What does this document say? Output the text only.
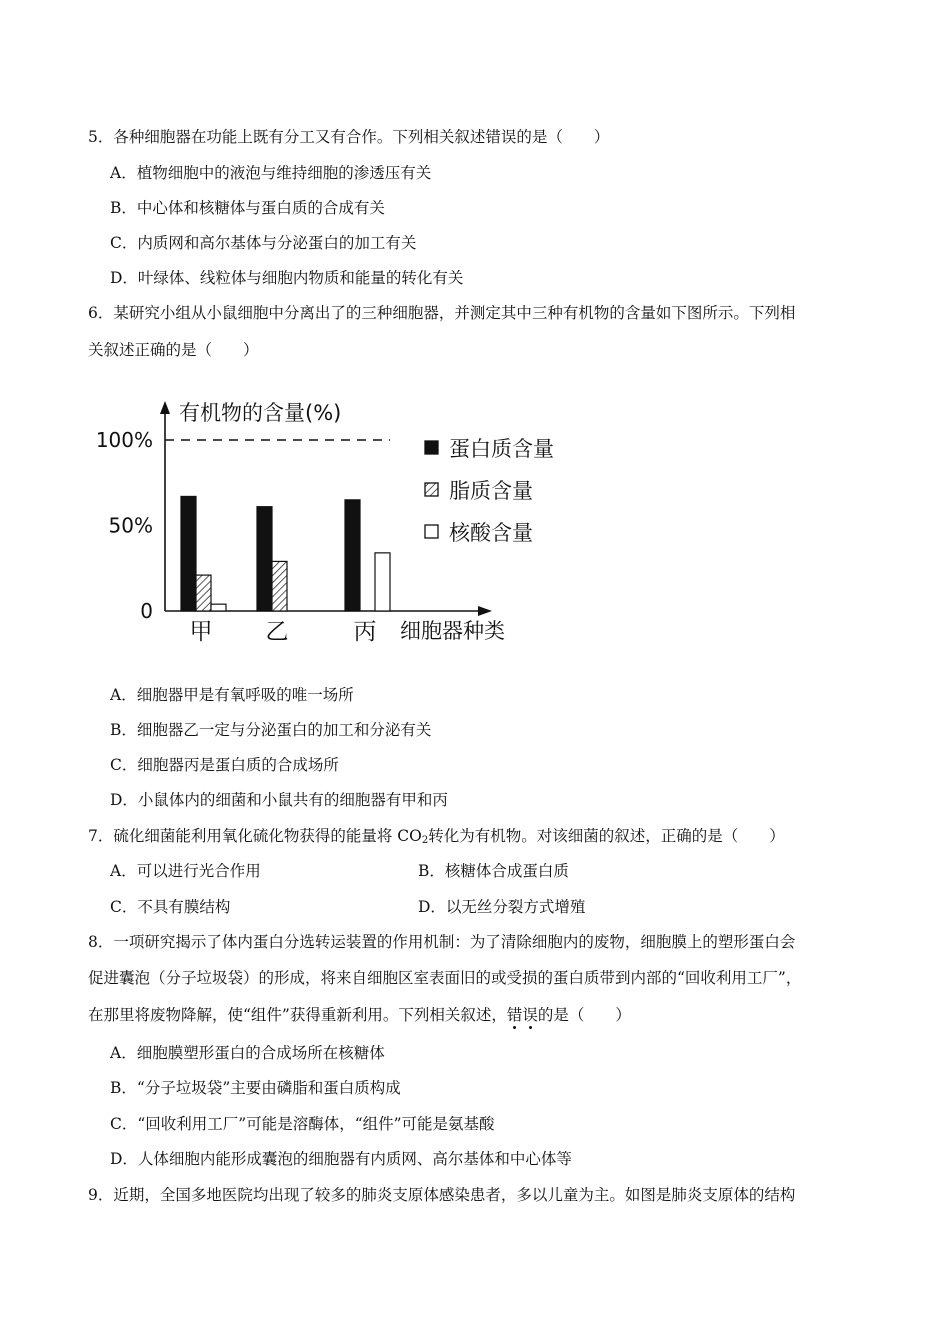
5．各种细胞器在功能上既有分工又有合作。下列相关叙述错误的是（　　）
A．植物细胞中的液泡与维持细胞的渗透压有关
B．中心体和核糖体与蛋白质的合成有关
C．内质网和高尔基体与分泌蛋白的加工有关
D．叶绿体、线粒体与细胞内物质和能量的转化有关
6．某研究小组从小鼠细胞中分离出了的三种细胞器，并测定其中三种有机物的含量如下图所示。下列相
关叙述正确的是（　　）
0
50%
100%
有机物的含量(%)
甲 乙	丙 细胞器种类
蛋白质含量
脂质含量
核酸含量
A．细胞器甲是有氧呼吸的唯一场所
B．细胞器乙一定与分泌蛋白的加工和分泌有关
C．细胞器丙是蛋白质的合成场所
D．小鼠体内的细菌和小鼠共有的细胞器有甲和丙
7．硫化细菌能利用氧化硫化物获得的能量将 $CO_2$转化为有机物。对该细菌的叙述，正确的是（　　）
A．可以进行光合作用	B．核糖体合成蛋白质
C．不具有膜结构	D．以无丝分裂方式增殖
8．一项研究揭示了体内蛋白分选转运装置的作用机制：为了清除细胞内的废物，细胞膜上的塑形蛋白会
促进囊泡（分子垃圾袋）的形成，将来自细胞区室表面旧的或受损的蛋白质带到内部的“回收利用工厂”，
在那里将废物降解，使“组件”获得重新利用。下列相关叙述，错误
的是（　　）
A．细胞膜塑形蛋白的合成场所在核糖体
B．“分子垃圾袋”主要由磷脂和蛋白质构成
C．“回收利用工厂”可能是溶酶体，“组件”可能是氨基酸
D．人体细胞内能形成囊泡的细胞器有内质网、高尔基体和中心体等
9．近期，全国多地医院均出现了较多的肺炎支原体感染患者，多以儿童为主。如图是肺炎支原体的结构
